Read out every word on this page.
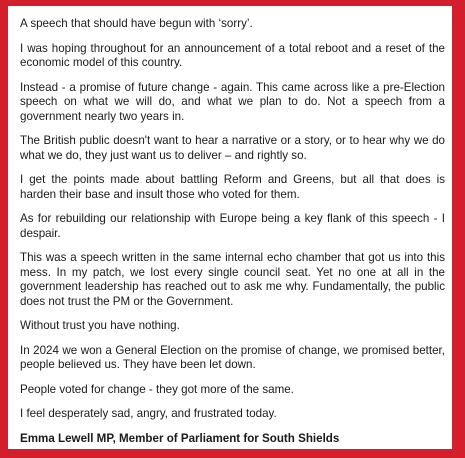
A speech that should have begun with ‘sorry’.

I was hoping throughout for an announcement of a total reboot and a reset of the economic model of this country.

Instead - a promise of future change - again. This came across like a pre-Election speech on what we will do, and what we plan to do. Not a speech from a government nearly two years in.

The British public doesn't want to hear a narrative or a story, or to hear why we do what we do, they just want us to deliver – and rightly so.

I get the points made about battling Reform and Greens, but all that does is harden their base and insult those who voted for them.

As for rebuilding our relationship with Europe being a key flank of this speech - I despair.

This was a speech written in the same internal echo chamber that got us into this mess. In my patch, we lost every single council seat. Yet no one at all in the government leadership has reached out to ask me why. Fundamentally, the public does not trust the PM or the Government.

Without trust you have nothing.

In 2024 we won a General Election on the promise of change, we promised better, people believed us. They have been let down.

People voted for change - they got more of the same.

I feel desperately sad, angry, and frustrated today.

Emma Lewell MP, Member of Parliament for South Shields
